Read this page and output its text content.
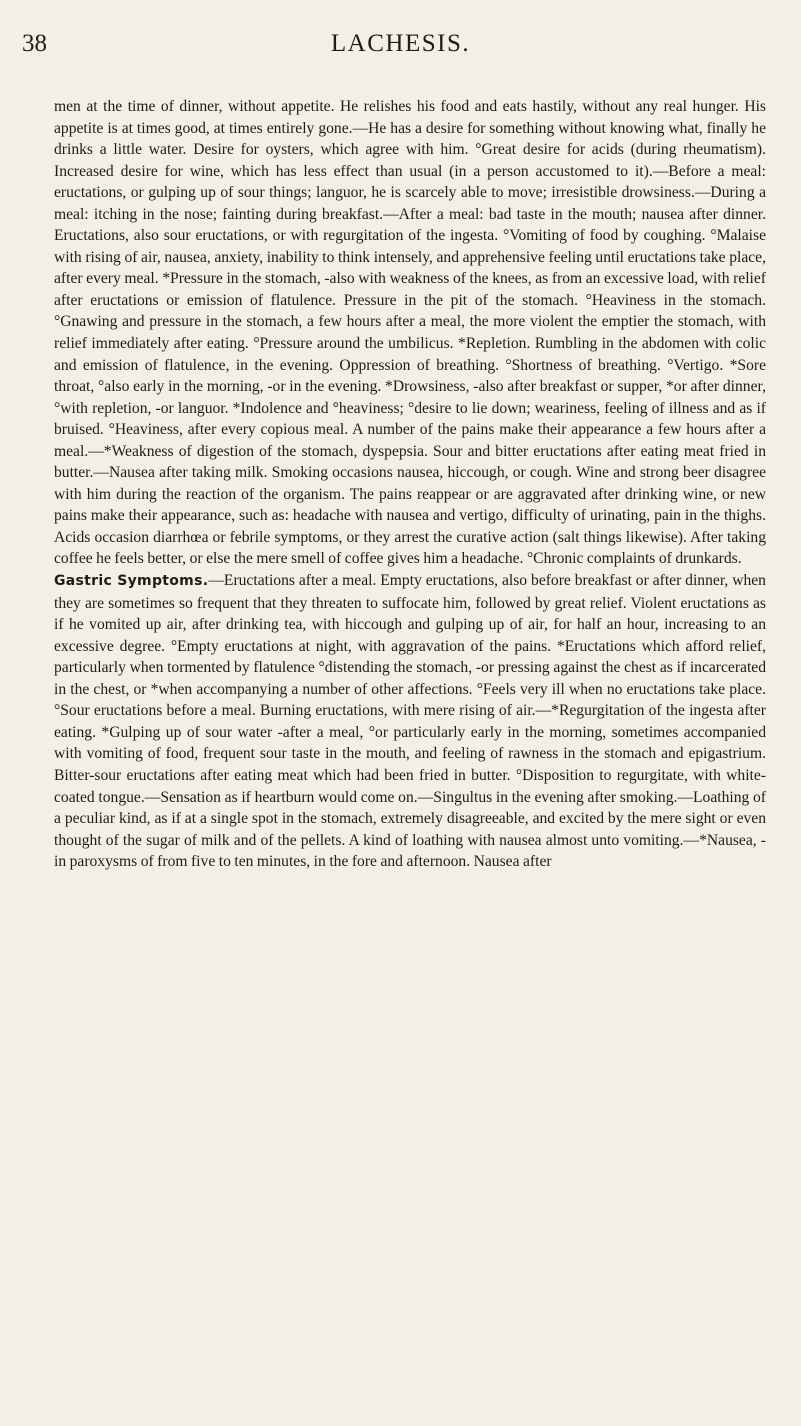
38	LACHESIS.

men at the time of dinner, without appetite. He relishes his food and eats hastily, without any real hunger. His appetite is at times good, at times entirely gone.—He has a desire for something without knowing what, finally he drinks a little water. Desire for oysters, which agree with him. °Great desire for acids (during rheumatism). Increased desire for wine, which has less effect than usual (in a person accustomed to it).—Before a meal: eructations, or gulping up of sour things; languor, he is scarcely able to move; irresistible drowsiness.—During a meal: itching in the nose; fainting during breakfast.—After a meal: bad taste in the mouth; nausea after dinner. Eructations, also sour eructations, or with regurgitation of the ingesta. °Vomiting of food by coughing. °Malaise with rising of air, nausea, anxiety, inability to think intensely, and apprehensive feeling until eructations take place, after every meal. *Pressure in the stomach, -also with weakness of the knees, as from an excessive load, with relief after eructations or emission of flatulence. Pressure in the pit of the stomach. °Heaviness in the stomach. °Gnawing and pressure in the stomach, a few hours after a meal, the more violent the emptier the stomach, with relief immediately after eating. °Pressure around the umbilicus. *Repletion. Rumbling in the abdomen with colic and emission of flatulence, in the evening. Oppression of breathing. °Shortness of breathing. °Vertigo. *Sore throat, °also early in the morning, -or in the evening. *Drowsiness, -also after breakfast or supper, *or after dinner, °with repletion, -or languor. *Indolence and °heaviness; °desire to lie down; weariness, feeling of illness and as if bruised. °Heaviness, after every copious meal. A number of the pains make their appearance a few hours after a meal.—*Weakness of digestion of the stomach, dyspepsia. Sour and bitter eructations after eating meat fried in butter.—Nausea after taking milk. Smoking occasions nausea, hiccough, or cough. Wine and strong beer disagree with him during the reaction of the organism. The pains reappear or are aggravated after drinking wine, or new pains make their appearance, such as: headache with nausea and vertigo, difficulty of urinating, pain in the thighs. Acids occasion diarrhœa or febrile symptoms, or they arrest the curative action (salt things likewise). After taking coffee he feels better, or else the mere smell of coffee gives him a headache. °Chronic complaints of drunkards.

Gastric Symptoms.—Eructations after a meal. Empty eructations, also before breakfast or after dinner, when they are sometimes so frequent that they threaten to suffocate him, followed by great relief. Violent eructations as if he vomited up air, after drinking tea, with hiccough and gulping up of air, for half an hour, increasing to an excessive degree. °Empty eructations at night, with aggravation of the pains. *Eructations which afford relief, particularly when tormented by flatulence °distending the stomach, -or pressing against the chest as if incarcerated in the chest, or *when accompanying a number of other affections. °Feels very ill when no eructations take place. °Sour eructations before a meal. Burning eructations, with mere rising of air.—*Regurgitation of the ingesta after eating. *Gulping up of sour water -after a meal, °or particularly early in the morning, sometimes accompanied with vomiting of food, frequent sour taste in the mouth, and feeling of rawness in the stomach and epigastrium. Bitter-sour eructations after eating meat which had been fried in butter. °Disposition to regurgitate, with white-coated tongue.—Sensation as if heartburn would come on.—Singultus in the evening after smoking.—Loathing of a peculiar kind, as if at a single spot in the stomach, extremely disagreeable, and excited by the mere sight or even thought of the sugar of milk and of the pellets. A kind of loathing with nausea almost unto vomiting.—*Nausea, -in paroxysms of from five to ten minutes, in the fore and afternoon. Nausea after
